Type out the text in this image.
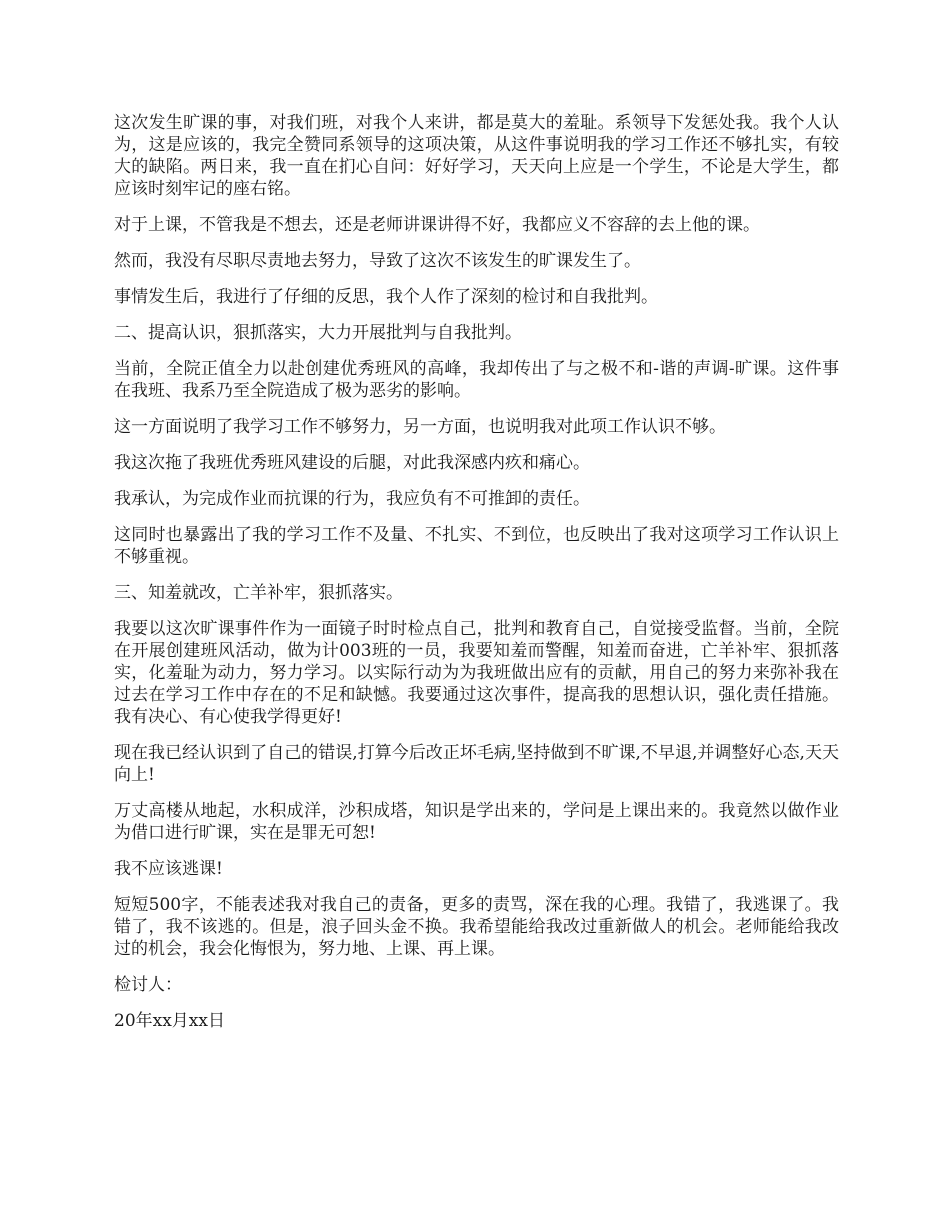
这次发生旷课的事，对我们班，对我个人来讲，都是莫大的羞耻。系领导下发惩处我。我个人认为，这是应该的，我完全赞同系领导的这项决策，从这件事说明我的学习工作还不够扎实，有较大的缺陷。两日来，我一直在扪心自问：好好学习，天天向上应是一个学生，不论是大学生，都应该时刻牢记的座右铭。

对于上课，不管我是不想去，还是老师讲课讲得不好，我都应义不容辞的去上他的课。

然而，我没有尽职尽责地去努力，导致了这次不该发生的旷课发生了。

事情发生后，我进行了仔细的反思，我个人作了深刻的检讨和自我批判。

二、提高认识，狠抓落实，大力开展批判与自我批判。

当前，全院正值全力以赴创建优秀班风的高峰，我却传出了与之极不和-谐的声调-旷课。这件事在我班、我系乃至全院造成了极为恶劣的影响。

这一方面说明了我学习工作不够努力，另一方面，也说明我对此项工作认识不够。

我这次拖了我班优秀班风建设的后腿，对此我深感内疚和痛心。

我承认，为完成作业而抗课的行为，我应负有不可推卸的责任。

这同时也暴露出了我的学习工作不及量、不扎实、不到位，也反映出了我对这项学习工作认识上不够重视。

三、知羞就改，亡羊补牢，狠抓落实。

我要以这次旷课事件作为一面镜子时时检点自己，批判和教育自己，自觉接受监督。当前，全院在开展创建班风活动，做为计003班的一员，我要知羞而警醒，知羞而奋进，亡羊补牢、狠抓落实，化羞耻为动力，努力学习。以实际行动为为我班做出应有的贡献，用自己的努力来弥补我在过去在学习工作中存在的不足和缺憾。我要通过这次事件，提高我的思想认识，强化责任措施。我有决心、有心使我学得更好!

现在我已经认识到了自己的错误,打算今后改正坏毛病,坚持做到不旷课,不早退,并调整好心态,天天向上!

万丈高楼从地起，水积成洋，沙积成塔，知识是学出来的，学问是上课出来的。我竟然以做作业为借口进行旷课，实在是罪无可恕!

我不应该逃课!

短短500字，不能表述我对我自己的责备，更多的责骂，深在我的心理。我错了，我逃课了。我错了，我不该逃的。但是，浪子回头金不换。我希望能给我改过重新做人的机会。老师能给我改过的机会，我会化悔恨为，努力地、上课、再上课。

检讨人：

20年xx月xx日
